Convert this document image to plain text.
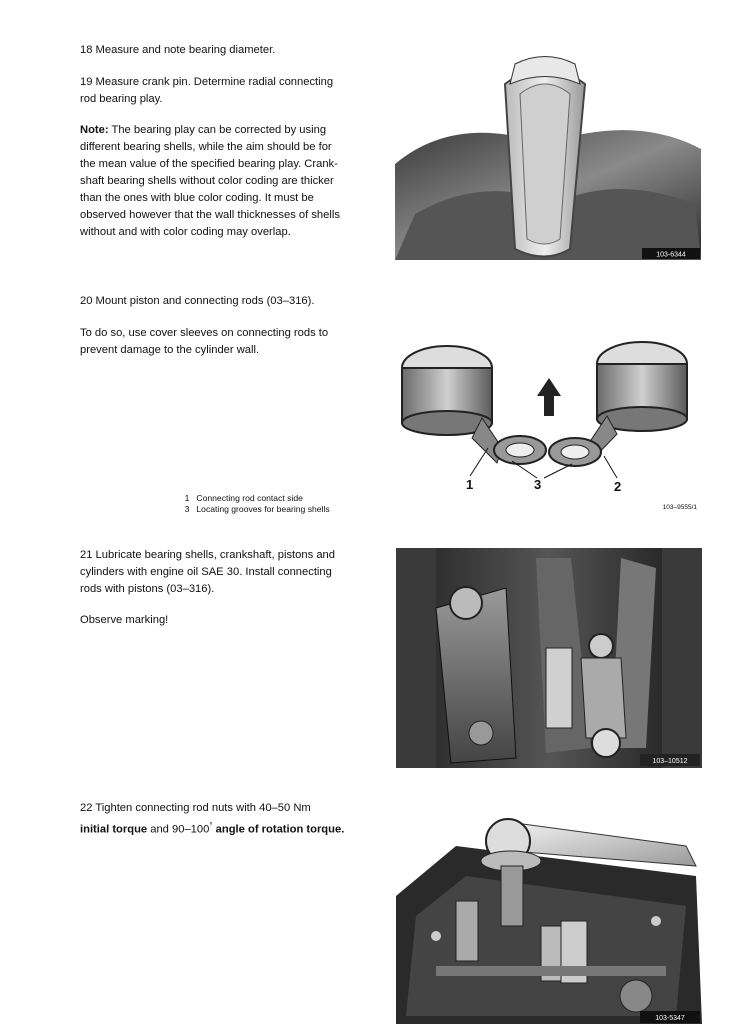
18 Measure and note bearing diameter.

19 Measure crank pin. Determine radial connecting

rod bearing play.

Note: The bearing play can be corrected by using

different bearing shells, while the aim should be for

the mean value of the specified bearing play. Crank-

shaft bearing shells without color coding are thicker

than the ones with blue color coding. It must be

observed however that the wall thicknesses of shells

without and with color coding may overlap.

103-6344

20 Mount piston and connecting rods (03–316).

To do so, use cover sleeves on connecting rods to

prevent damage to the cylinder wall.

1	3	2
103–9555/1
1 Connecting rod contact side
3 Locating grooves for bearing shells

21 Lubricate bearing shells, crankshaft, pistons and

cylinders with engine oil SAE 30. Install connecting

rods with pistons (03–316).

Observe marking!

103–10512

22 Tighten connecting rod nuts with 40–50 Nm

initial torque and 90–100° angle of rotation torque.

103-5347
